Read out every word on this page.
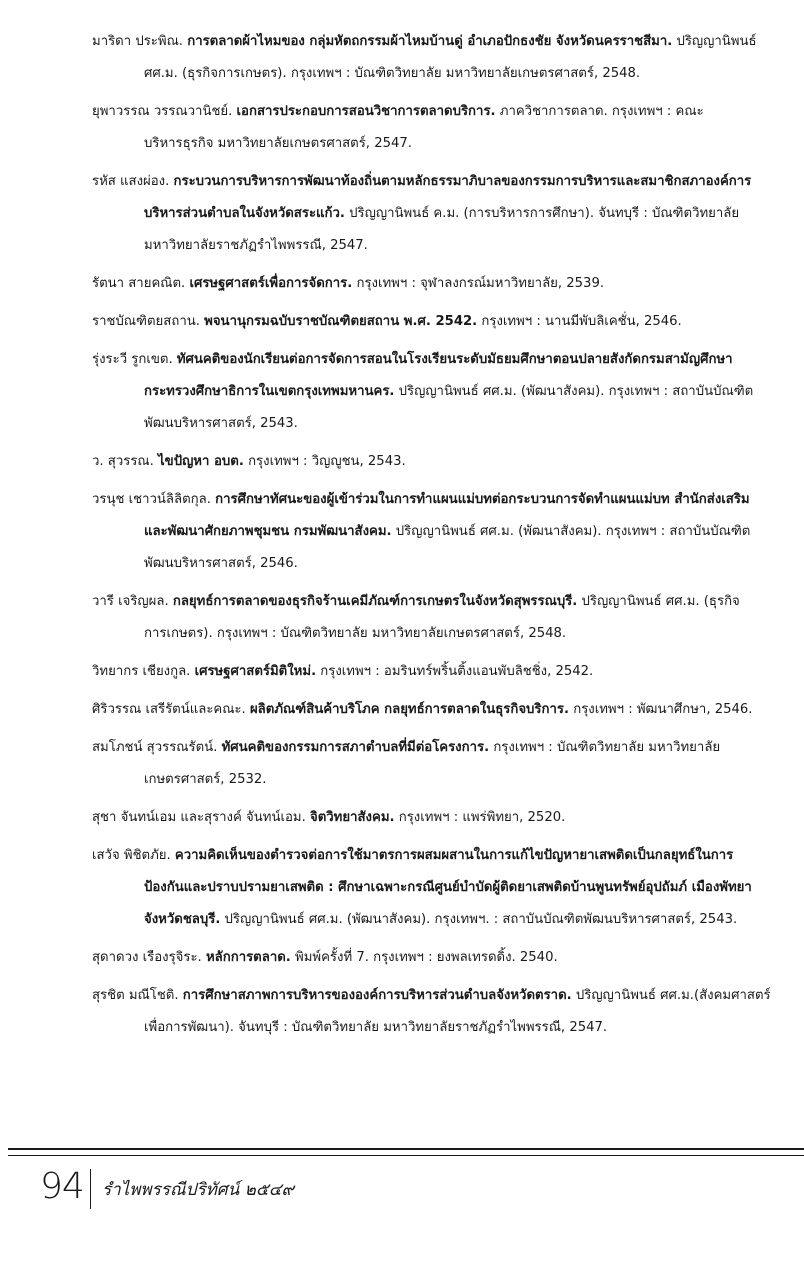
มาริดา ประพิณ. การตลาดผ้าไหมของ กลุ่มหัตถกรรมผ้าไหมบ้านดู่ อำเภอปักธงชัย จังหวัดนครราชสีมา. ปริญญานิพนธ์ ศศ.ม. (ธุรกิจการเกษตร). กรุงเทพฯ : บัณฑิตวิทยาลัย มหาวิทยาลัยเกษตรศาสตร์, 2548.

ยุพาวรรณ วรรณวานิชย์. เอกสารประกอบการสอนวิชาการตลาดบริการ. ภาควิชาการตลาด. กรุงเทพฯ : คณะบริหารธุรกิจ มหาวิทยาลัยเกษตรศาสตร์, 2547.

รหัส แสงผ่อง. กระบวนการบริหารการพัฒนาท้องถิ่นตามหลักธรรมาภิบาลของกรรมการบริหารและสมาชิกสภาองค์การบริหารส่วนตำบลในจังหวัดสระแก้ว. ปริญญานิพนธ์ ค.ม. (การบริหารการศึกษา). จันทบุรี : บัณฑิตวิทยาลัย มหาวิทยาลัยราชภัฏรำไพพรรณี, 2547.

รัตนา สายคณิต. เศรษฐศาสตร์เพื่อการจัดการ. กรุงเทพฯ : จุฬาลงกรณ์มหาวิทยาลัย, 2539.

ราชบัณฑิตยสถาน. พจนานุกรมฉบับราชบัณฑิตยสถาน พ.ศ. 2542. กรุงเทพฯ : นานมีพับลิเคชั่น, 2546.

รุ่งระวี รูกเขต. ทัศนคติของนักเรียนต่อการจัดการสอนในโรงเรียนระดับมัธยมศึกษาตอนปลายสังกัดกรมสามัญศึกษา กระทรวงศึกษาธิการในเขตกรุงเทพมหานคร. ปริญญานิพนธ์ ศศ.ม. (พัฒนาสังคม). กรุงเทพฯ : สถาบันบัณฑิตพัฒนบริหารศาสตร์, 2543.

ว. สุวรรณ. ไขปัญหา อบต. กรุงเทพฯ : วิญญูชน, 2543.

วรนุช เชาวน์ลิลิตกุล. การศึกษาทัศนะของผู้เข้าร่วมในการทำแผนแม่บทต่อกระบวนการจัดทำแผนแม่บท สำนักส่งเสริมและพัฒนาศักยภาพชุมชน กรมพัฒนาสังคม. ปริญญานิพนธ์ ศศ.ม. (พัฒนาสังคม). กรุงเทพฯ : สถาบันบัณฑิตพัฒนบริหารศาสตร์, 2546.

วารี เจริญผล. กลยุทธ์การตลาดของธุรกิจร้านเคมีภัณฑ์การเกษตรในจังหวัดสุพรรณบุรี. ปริญญานิพนธ์ ศศ.ม. (ธุรกิจการเกษตร). กรุงเทพฯ : บัณฑิตวิทยาลัย มหาวิทยาลัยเกษตรศาสตร์, 2548.

วิทยากร เชียงกูล. เศรษฐศาสตร์มิติใหม่. กรุงเทพฯ : อมรินทร์พริ้นติ้งแอนพับลิชชิ่ง, 2542.

ศิริวรรณ เสรีรัตน์และคณะ. ผลิตภัณฑ์สินค้าบริโภค กลยุทธ์การตลาดในธุรกิจบริการ. กรุงเทพฯ : พัฒนาศึกษา, 2546.

สมโภชน์ สุวรรณรัตน์. ทัศนคติของกรรมการสภาตำบลที่มีต่อโครงการ. กรุงเทพฯ : บัณฑิตวิทยาลัย มหาวิทยาลัยเกษตรศาสตร์, 2532.

สุชา จันทน์เอม และสุรางค์ จันทน์เอม. จิตวิทยาสังคม. กรุงเทพฯ : แพร่พิทยา, 2520.

เสวัจ พิชิตภัย. ความคิดเห็นของตำรวจต่อการใช้มาตรการผสมผสานในการแก้ไขปัญหายาเสพติดเป็นกลยุทธ์ในการป้องกันและปราบปรามยาเสพติด : ศึกษาเฉพาะกรณีศูนย์บำบัดผู้ติดยาเสพติดบ้านพูนทรัพย์อุปถัมภ์ เมืองพัทยา จังหวัดชลบุรี. ปริญญานิพนธ์ ศศ.ม. (พัฒนาสังคม). กรุงเทพฯ. : สถาบันบัณฑิตพัฒนบริหารศาสตร์, 2543.

สุดาดวง เรืองรุจิระ. หลักการตลาด. พิมพ์ครั้งที่ 7. กรุงเทพฯ : ยงพลเทรดดิ้ง. 2540.

สุรชิต มณีโชติ. การศึกษาสภาพการบริหารขององค์การบริหารส่วนตำบลจังหวัดตราด. ปริญญานิพนธ์ ศศ.ม.(สังคมศาสตร์เพื่อการพัฒนา). จันทบุรี : บัณฑิตวิทยาลัย มหาวิทยาลัยราชภัฏรำไพพรรณี, 2547.

94 รำไพพรรณีปริทัศน์ ๒๕๔๙
